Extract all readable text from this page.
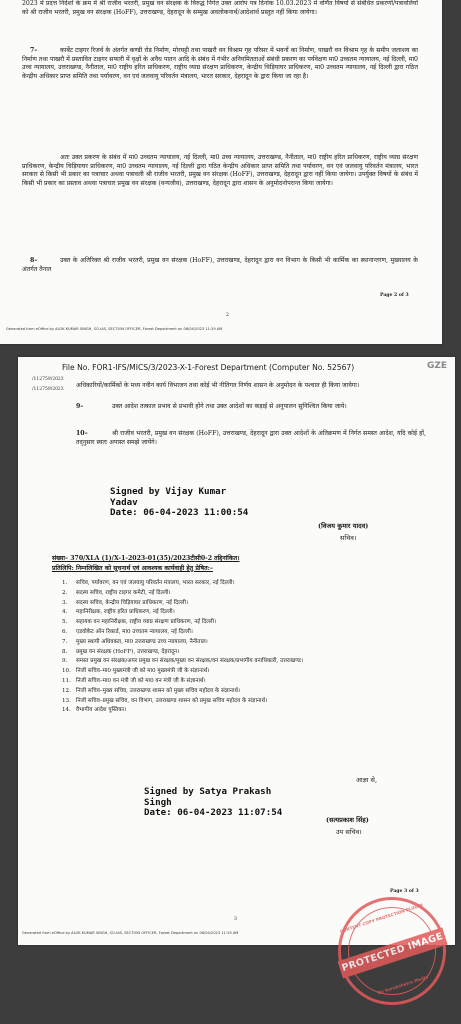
2023 में प्रदत्त निर्देशों के क्रम में श्री राजीव भरतरी, प्रमुख वन संरक्षक के विरुद्ध निर्गत उक्त आरोप पत्र दिनांक 10.03.2023 में वर्णित विषयों से संबंधित प्रकरणों/पत्रावलियों को श्री राजीव भरतरी, प्रमुख वन संरक्षक (HoFF), उत्तराखण्ड, देहरादून के सम्मुख अवलोकनार्थ/आदेशार्थ प्रस्तुत नहीं किया जायेगा।
7–	कार्बेट टाइगर रिजर्व के अंतर्गत कण्डी रोड निर्माण, मोरघट्टी तथा पाखरौ वन विश्राम गृह परिसर में भवनों का निर्माण, पाखरौ वन विश्राम गृह के समीप जलाशय का निर्माण तथा पाखरौ में प्रस्तावित टाइगर सफारी में वृक्षों के अवैध पातन आदि के संबंध में गंभीर अनियमितताओं संबंधी प्रकरण का पर्यवेक्षण मा0 उच्चतम न्यायालय, नई दिल्ली, मा0 उच्च न्यायालय, उत्तराखण्ड, नैनीताल, मा0 राष्ट्रीय हरित प्राधिकरण, राष्ट्रीय व्याघ्र संरक्षण प्राधिकरण, केन्द्रीय चिड़ियाघर प्राधिकरण, मा0 उच्चतम न्यायालय, नई दिल्ली द्वारा गठित केन्द्रीय अधिकार प्राप्त समिति तथा पर्यावरण, वन एवं जलवायु परिवर्तन मंत्रालय, भारत सरकार, देहरादून के द्वारा किया जा रहा है।
अतः उक्त प्रकरण के संबंध में मा0 उच्चतम न्यायालय, नई दिल्ली, मा0 उच्च न्यायालय, उत्तराखण्ड, नैनीताल, मा0 राष्ट्रीय हरित प्राधिकरण, राष्ट्रीय व्याघ्र संरक्षण प्राधिकरण, केन्द्रीय चिड़ियाघर प्राधिकरण, मा0 उच्चतम न्यायालय, नई दिल्ली द्वारा गठित केन्द्रीय अधिकार प्राप्त समिति तथा पर्यावरण, वन एवं जलवायु परिवर्तन मंत्रालय, भारत सरकार से किसी भी प्रकार का पत्राचार अथवा पत्रावली श्री राजीव भरतरी, प्रमुख वन संरक्षक (HoFF), उत्तराखण्ड, देहरादून द्वारा नहीं किया जायेगा। उपर्युक्त विषयों के संबंध में किसी भी प्रकार का प्रस्ताव अथवा पत्राचार प्रमुख वन संरक्षक (वन्यजीव), उत्तराखण्ड, देहरादून द्वारा शासन के अनुमोदनोपरान्त किया जायेगा।
8–	उक्त के अतिरिक्त श्री राजीव भरतरी, प्रमुख वन संरक्षक (HoFF), उत्तराखण्ड, देहरादून द्वारा वन विभाग के किसी भी कार्मिक का स्थानान्तरण, मुख्यालय के अंतर्गत तैनात
Page 2 of 3
2
Generated from eOffice by ALOK KUMAR SINGH, SO-IAS, SECTION OFFICER, Forest Department on 06/04/2023 11:29 AM
File No. FOR1-IFS/MICS/3/2023-X-1-Forest Department (Computer No. 52567)	GZE
/112759/2023
/112759/2023
अधिकारियों/कार्मिकों के मध्य नवीन कार्य विभाजन तथा कोई भी नीतिगत निर्णय शासन के अनुमोदन के पश्चात ही किया जायेगा।
9–	उक्त आदेश तत्काल प्रभाव से प्रभावी होंगे तथा उक्त आदेशों का कड़ाई से अनुपालन सुनिश्चित किया जाये।
10–	श्री राजीव भरतरी, प्रमुख वन संरक्षक (HoFF), उत्तराखण्ड, देहरादून द्वारा उक्त आदेशों के अतिक्रमण में निर्गत समस्त आदेश, यदि कोई हों, तद्नुसार स्वतः अपास्त समझे जायेंगे।
Signed by Vijay Kumar
Yadav
Date: 06-04-2023 11:00:54
(विजय कुमार यादव)
सचिव।
संख्या– 370/XLA (1)/X-1-2023-01(35)/2023टीसी0-2 तद्दिनांकित।
प्रतिलिपि: निम्नलिखित को सूचनार्थ एवं आवश्यक कार्यवाही हेतु प्रेषित:–
1.	सचिव, पर्यावरण, वन एवं जलवायु परिवर्तन मंत्रालय, भारत सरकार, नई दिल्ली।
2.	सदस्य सचिव, राष्ट्रीय टाइगर कमेटी, नई दिल्ली।
3.	सदस्य सचिव, केन्द्रीय चिड़ियाघर प्राधिकरण, नई दिल्ली।
4.	महानिरीक्षक, राष्ट्रीय हरित प्राधिकरण, नई दिल्ली।
5.	सहायक वन महानिरीक्षक, राष्ट्रीय व्याघ्र संरक्षण प्राधिकरण, नई दिल्ली।
6.	एडवोकेट ऑन रिकार्ड, मा0 उच्चतम न्यायालय, नई दिल्ली।
7.	मुख्य स्थायी अधिवक्ता, मा0 उत्तराखण्ड उच्च न्यायालय, नैनीताल।
8.	प्रमुख वन संरक्षक (HoFF), उत्तराखण्ड, देहरादून।
9.	समस्त प्रमुख वन संरक्षक/अपर प्रमुख वन संरक्षक/मुख्य वन संरक्षक/वन संरक्षक/प्रभागीय वनाधिकारी, उत्तराखण्ड।
10. निजी सचिव–मा0 मुख्यमंत्री जी को मा0 मुख्यमंत्री जी के संज्ञानार्थ।
11. निजी सचिव–मा0 वन मंत्री जी को मा0 वन मंत्री जी के संज्ञानार्थ।
12. निजी सचिव–मुख्य सचिव, उत्तराखण्ड शासन को मुख्य सचिव महोदय के संज्ञानार्थ।
13. निजी सचिव–प्रमुख सचिव, वन विभाग, उत्तराखण्ड शासन को प्रमुख सचिव महोदय के संज्ञानार्थ।
14. वैभागीय आदेश पुस्तिका।
आज्ञा से,
Signed by Satya Prakash
Singh
Date: 06-04-2023 11:07:54
(सत्यप्रकाश सिंह)
उप सचिव।
Page 3 of 3
3
Generated from eOffice by ALOK KUMAR SINGH, SO-IAS, SECTION OFFICER, Forest Department on 06/04/2023 11:29 AM	CONTENT COPY PROTECTION PLUGIN
PROTECTED IMAGE
By Kurukshetra Media
